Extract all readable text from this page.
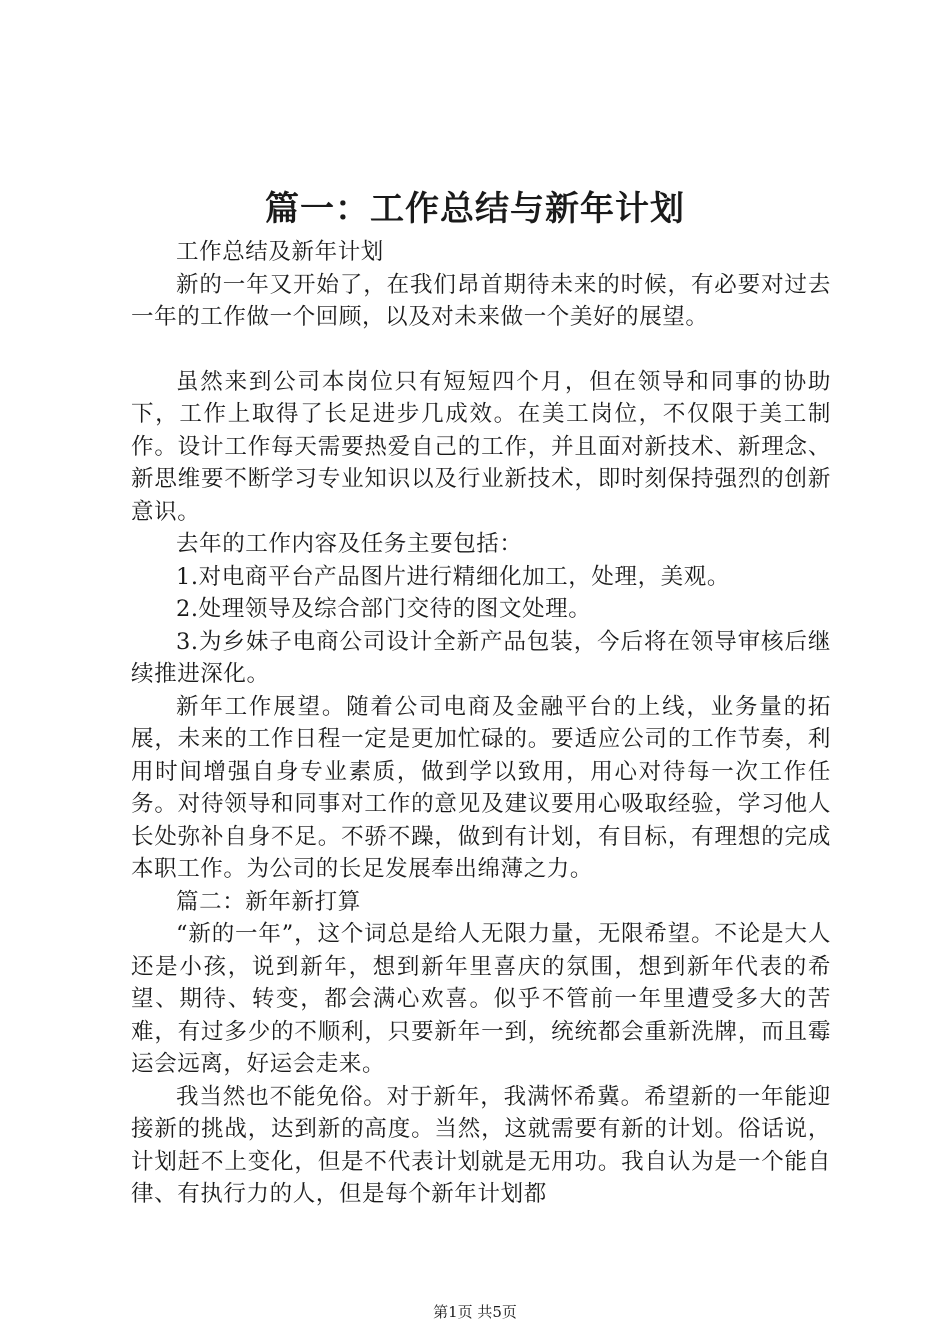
篇一：工作总结与新年计划

工作总结及新年计划

新的一年又开始了，在我们昂首期待未来的时候，有必要对过去一年的工作做一个回顾，以及对未来做一个美好的展望。

虽然来到公司本岗位只有短短四个月，但在领导和同事的协助下，工作上取得了长足进步几成效。在美工岗位，不仅限于美工制作。设计工作每天需要热爱自己的工作，并且面对新技术、新理念、新思维要不断学习专业知识以及行业新技术，即时刻保持强烈的创新意识。

去年的工作内容及任务主要包括：

1.对电商平台产品图片进行精细化加工，处理，美观。

2.处理领导及综合部门交待的图文处理。

3.为乡妹子电商公司设计全新产品包装，今后将在领导审核后继续推进深化。

新年工作展望。随着公司电商及金融平台的上线，业务量的拓展，未来的工作日程一定是更加忙碌的。要适应公司的工作节奏，利用时间增强自身专业素质，做到学以致用，用心对待每一次工作任务。对待领导和同事对工作的意见及建议要用心吸取经验，学习他人长处弥补自身不足。不骄不躁，做到有计划，有目标，有理想的完成本职工作。为公司的长足发展奉出绵薄之力。

篇二：新年新打算

“新的一年”，这个词总是给人无限力量，无限希望。不论是大人还是小孩，说到新年，想到新年里喜庆的氛围，想到新年代表的希望、期待、转变，都会满心欢喜。似乎不管前一年里遭受多大的苦难，有过多少的不顺利，只要新年一到，统统都会重新洗牌，而且霉运会远离，好运会走来。

我当然也不能免俗。对于新年，我满怀希冀。希望新的一年能迎接新的挑战，达到新的高度。当然，这就需要有新的计划。俗话说，计划赶不上变化，但是不代表计划就是无用功。我自认为是一个能自律、有执行力的人，但是每个新年计划都

第1页 共5页
